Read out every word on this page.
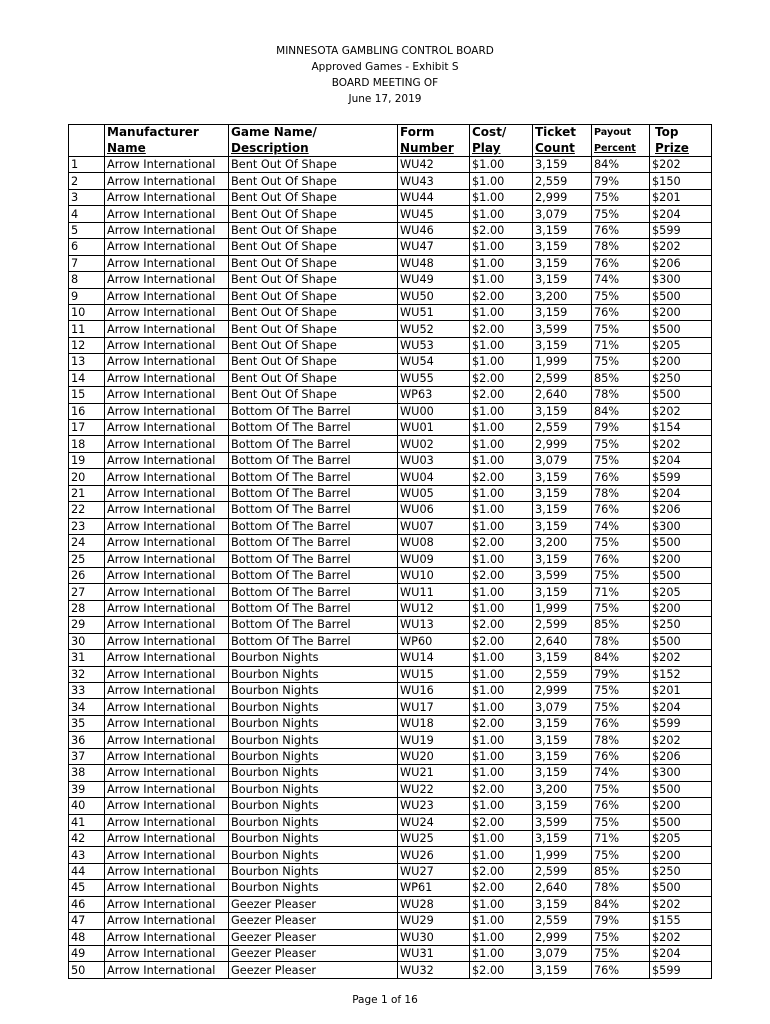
MINNESOTA GAMBLING CONTROL BOARD
Approved Games - Exhibit S
BOARD MEETING OF
June 17, 2019
	Manufacturer	Game Name/	Form	Cost/	Ticket	Payout	Top
	Name	Description	Number	Play	Count	Percent	Prize
1	Arrow International	Bent Out Of Shape	WU42	$1.00	3,159	84%	$202
2	Arrow International	Bent Out Of Shape	WU43	$1.00	2,559	79%	$150
3	Arrow International	Bent Out Of Shape	WU44	$1.00	2,999	75%	$201
4	Arrow International	Bent Out Of Shape	WU45	$1.00	3,079	75%	$204
5	Arrow International	Bent Out Of Shape	WU46	$2.00	3,159	76%	$599
6	Arrow International	Bent Out Of Shape	WU47	$1.00	3,159	78%	$202
7	Arrow International	Bent Out Of Shape	WU48	$1.00	3,159	76%	$206
8	Arrow International	Bent Out Of Shape	WU49	$1.00	3,159	74%	$300
9	Arrow International	Bent Out Of Shape	WU50	$2.00	3,200	75%	$500
10	Arrow International	Bent Out Of Shape	WU51	$1.00	3,159	76%	$200
11	Arrow International	Bent Out Of Shape	WU52	$2.00	3,599	75%	$500
12	Arrow International	Bent Out Of Shape	WU53	$1.00	3,159	71%	$205
13	Arrow International	Bent Out Of Shape	WU54	$1.00	1,999	75%	$200
14	Arrow International	Bent Out Of Shape	WU55	$2.00	2,599	85%	$250
15	Arrow International	Bent Out Of Shape	WP63	$2.00	2,640	78%	$500
16	Arrow International	Bottom Of The Barrel	WU00	$1.00	3,159	84%	$202
17	Arrow International	Bottom Of The Barrel	WU01	$1.00	2,559	79%	$154
18	Arrow International	Bottom Of The Barrel	WU02	$1.00	2,999	75%	$202
19	Arrow International	Bottom Of The Barrel	WU03	$1.00	3,079	75%	$204
20	Arrow International	Bottom Of The Barrel	WU04	$2.00	3,159	76%	$599
21	Arrow International	Bottom Of The Barrel	WU05	$1.00	3,159	78%	$204
22	Arrow International	Bottom Of The Barrel	WU06	$1.00	3,159	76%	$206
23	Arrow International	Bottom Of The Barrel	WU07	$1.00	3,159	74%	$300
24	Arrow International	Bottom Of The Barrel	WU08	$2.00	3,200	75%	$500
25	Arrow International	Bottom Of The Barrel	WU09	$1.00	3,159	76%	$200
26	Arrow International	Bottom Of The Barrel	WU10	$2.00	3,599	75%	$500
27	Arrow International	Bottom Of The Barrel	WU11	$1.00	3,159	71%	$205
28	Arrow International	Bottom Of The Barrel	WU12	$1.00	1,999	75%	$200
29	Arrow International	Bottom Of The Barrel	WU13	$2.00	2,599	85%	$250
30	Arrow International	Bottom Of The Barrel	WP60	$2.00	2,640	78%	$500
31	Arrow International	Bourbon Nights	WU14	$1.00	3,159	84%	$202
32	Arrow International	Bourbon Nights	WU15	$1.00	2,559	79%	$152
33	Arrow International	Bourbon Nights	WU16	$1.00	2,999	75%	$201
34	Arrow International	Bourbon Nights	WU17	$1.00	3,079	75%	$204
35	Arrow International	Bourbon Nights	WU18	$2.00	3,159	76%	$599
36	Arrow International	Bourbon Nights	WU19	$1.00	3,159	78%	$202
37	Arrow International	Bourbon Nights	WU20	$1.00	3,159	76%	$206
38	Arrow International	Bourbon Nights	WU21	$1.00	3,159	74%	$300
39	Arrow International	Bourbon Nights	WU22	$2.00	3,200	75%	$500
40	Arrow International	Bourbon Nights	WU23	$1.00	3,159	76%	$200
41	Arrow International	Bourbon Nights	WU24	$2.00	3,599	75%	$500
42	Arrow International	Bourbon Nights	WU25	$1.00	3,159	71%	$205
43	Arrow International	Bourbon Nights	WU26	$1.00	1,999	75%	$200
44	Arrow International	Bourbon Nights	WU27	$2.00	2,599	85%	$250
45	Arrow International	Bourbon Nights	WP61	$2.00	2,640	78%	$500
46	Arrow International	Geezer Pleaser	WU28	$1.00	3,159	84%	$202
47	Arrow International	Geezer Pleaser	WU29	$1.00	2,559	79%	$155
48	Arrow International	Geezer Pleaser	WU30	$1.00	2,999	75%	$202
49	Arrow International	Geezer Pleaser	WU31	$1.00	3,079	75%	$204
50	Arrow International	Geezer Pleaser	WU32	$2.00	3,159	76%	$599
Page 1 of 16
